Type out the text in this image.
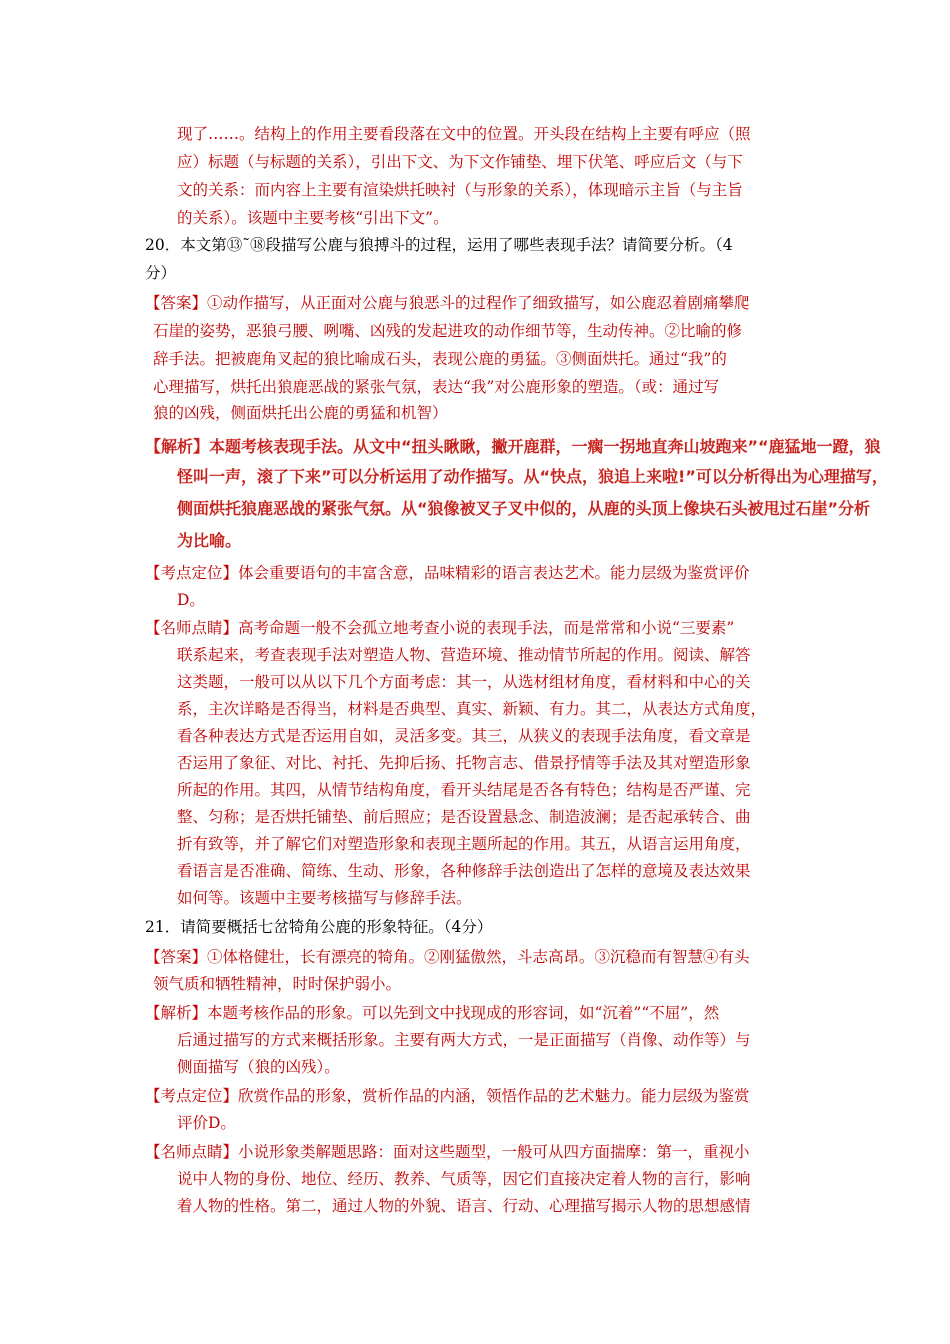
现了……。结构上的作用主要看段落在文中的位置。开头段在结构上主要有呼应（照
应）标题（与标题的关系），引出下文、为下文作铺垫、埋下伏笔、呼应后文（与下
文的关系：而内容上主要有渲染烘托映衬（与形象的关系），体现暗示主旨（与主旨
的关系）。该题中主要考核“引出下文”。
20．本文第⑬˜⑱段描写公鹿与狼搏斗的过程，运用了哪些表现手法？请简要分析。（4
分）
【答案】①动作描写，从正面对公鹿与狼恶斗的过程作了细致描写，如公鹿忍着剧痛攀爬
石崖的姿势，恶狼弓腰、咧嘴、凶残的发起进攻的动作细节等，生动传神。②比喻的修
辞手法。把被鹿角叉起的狼比喻成石头，表现公鹿的勇猛。③侧面烘托。通过“我”的
心理描写，烘托出狼鹿恶战的紧张气氛，表达“我”对公鹿形象的塑造。（或：通过写
狼的凶残，侧面烘托出公鹿的勇猛和机智）
【解析】本题考核表现手法。从文中“扭头瞅瞅，撇开鹿群，一瘸一拐地直奔山坡跑来”“鹿猛地一蹬，狼
怪叫一声，滚了下来”可以分析运用了动作描写。从“快点，狼追上来啦!”可以分析得出为心理描写，
侧面烘托狼鹿恶战的紧张气氛。从“狼像被叉子叉中似的，从鹿的头顶上像块石头被甩过石崖”分析
为比喻。
【考点定位】体会重要语句的丰富含意，品味精彩的语言表达艺术。能力层级为鉴赏评价
D。
【名师点睛】高考命题一般不会孤立地考查小说的表现手法，而是常常和小说“三要素”
联系起来，考查表现手法对塑造人物、营造环境、推动情节所起的作用。阅读、解答
这类题，一般可以从以下几个方面考虑：其一，从选材组材角度，看材料和中心的关
系，主次详略是否得当，材料是否典型、真实、新颖、有力。其二，从表达方式角度，
看各种表达方式是否运用自如，灵活多变。其三，从狭义的表现手法角度，看文章是
否运用了象征、对比、衬托、先抑后扬、托物言志、借景抒情等手法及其对塑造形象
所起的作用。其四，从情节结构角度，看开头结尾是否各有特色；结构是否严谨、完
整、匀称；是否烘托铺垫、前后照应；是否设置悬念、制造波澜；是否起承转合、曲
折有致等，并了解它们对塑造形象和表现主题所起的作用。其五，从语言运用角度，
看语言是否准确、简练、生动、形象，各种修辞手法创造出了怎样的意境及表达效果
如何等。该题中主要考核描写与修辞手法。
21．请简要概括七岔犄角公鹿的形象特征。（4分）
【答案】①体格健壮，长有漂亮的犄角。②刚猛傲然，斗志高昂。③沉稳而有智慧④有头
领气质和牺牲精神，时时保护弱小。
【解析】本题考核作品的形象。可以先到文中找现成的形容词，如“沉着”“不屈”，然
后通过描写的方式来概括形象。主要有两大方式，一是正面描写（肖像、动作等）与
侧面描写（狼的凶残）。
【考点定位】欣赏作品的形象，赏析作品的内涵，领悟作品的艺术魅力。能力层级为鉴赏
评价D。
【名师点睛】小说形象类解题思路：面对这些题型，一般可从四方面揣摩：第一，重视小
说中人物的身份、地位、经历、教养、气质等，因它们直接决定着人物的言行，影响
着人物的性格。第二，通过人物的外貌、语言、行动、心理描写揭示人物的思想感情
